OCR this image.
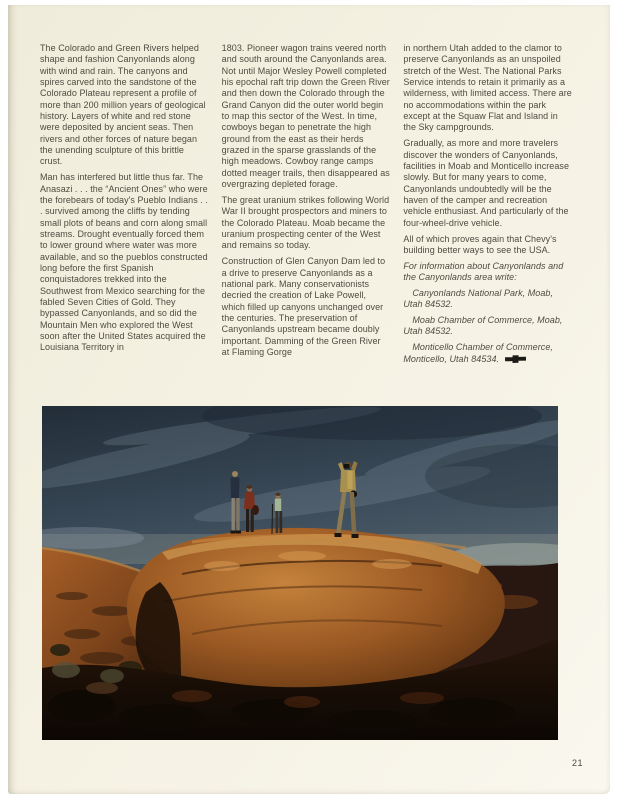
The Colorado and Green Rivers helped shape and fashion Canyonlands along with wind and rain. The canyons and spires carved into the sandstone of the Colorado Plateau represent a profile of more than 200 million years of geological history. Layers of white and red stone were deposited by ancient seas. Then rivers and other forces of nature began the unending sculpture of this brittle crust.

Man has interfered but little thus far. The Anasazi . . . the “Ancient Ones” who were the forebears of today's Pueblo Indians . . . survived among the cliffs by tending small plots of beans and corn along small streams. Drought eventually forced them to lower ground where water was more available, and so the pueblos constructed long before the first Spanish conquistadores trekked into the Southwest from Mexico searching for the fabled Seven Cities of Gold. They bypassed Canyonlands, and so did the Mountain Men who explored the West soon after the United States acquired the Louisiana Territory in

1803. Pioneer wagon trains veered north and south around the Canyonlands area. Not until Major Wesley Powell completed his epochal raft trip down the Green River and then down the Colorado through the Grand Canyon did the outer world begin to map this sector of the West. In time, cowboys began to penetrate the high ground from the east as their herds grazed in the sparse grasslands of the high meadows. Cowboy range camps dotted meager trails, then disappeared as overgrazing depleted forage.

The great uranium strikes following World War II brought prospectors and miners to the Colorado Plateau. Moab became the uranium prospecting center of the West and remains so today.

Construction of Glen Canyon Dam led to a drive to preserve Canyonlands as a national park. Many conservationists decried the creation of Lake Powell, which filled up canyons unchanged over the centuries. The preservation of Canyonlands upstream became doubly important. Damming of the Green River at Flaming Gorge

in northern Utah added to the clamor to preserve Canyonlands as an unspoiled stretch of the West. The National Parks Service intends to retain it primarily as a wilderness, with limited access. There are no accommodations within the park except at the Squaw Flat and Island in the Sky campgrounds.

Gradually, as more and more travelers discover the wonders of Canyonlands, facilities in Moab and Monticello increase slowly. But for many years to come, Canyonlands undoubtedly will be the haven of the camper and recreation vehicle enthusiast. And particularly of the four-wheel-drive vehicle.

All of which proves again that Chevy's building better ways to see the USA.

For information about Canyonlands and the Canyonlands area write:

Canyonlands National Park, Moab, Utah 84532.

Moab Chamber of Commerce, Moab, Utah 84532.

Monticello Chamber of Commerce, Monticello, Utah 84534.

21
